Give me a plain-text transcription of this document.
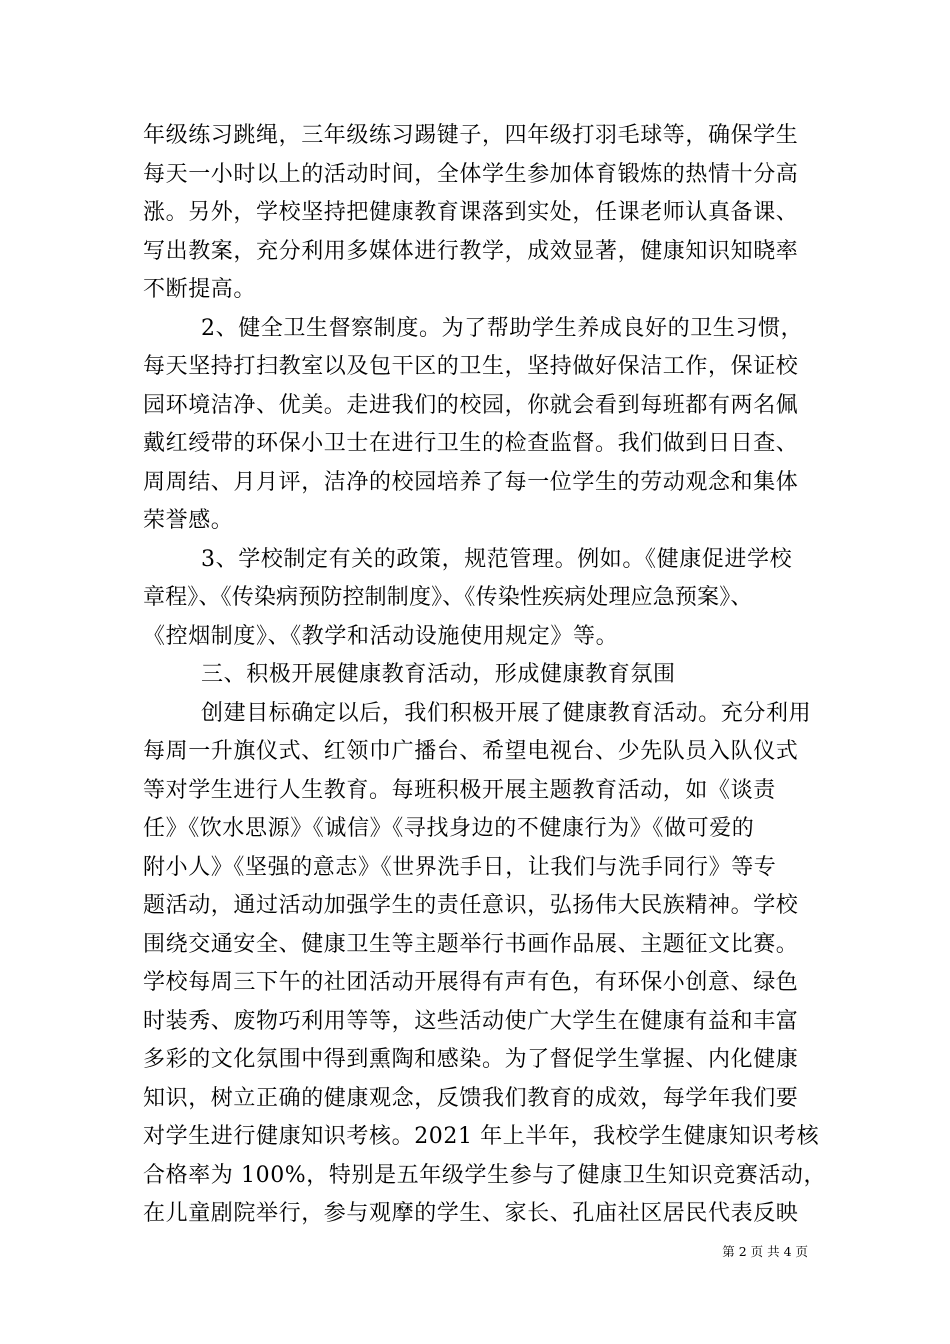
年级练习跳绳，三年级练习踢键子，四年级打羽毛球等，确保学生
每天一小时以上的活动时间，全体学生参加体育锻炼的热情十分高
涨。另外，学校坚持把健康教育课落到实处，任课老师认真备课、
写出教案，充分利用多媒体进行教学，成效显著，健康知识知晓率
不断提高。
2、健全卫生督察制度。为了帮助学生养成良好的卫生习惯，
每天坚持打扫教室以及包干区的卫生，坚持做好保洁工作，保证校
园环境洁净、优美。走进我们的校园，你就会看到每班都有两名佩
戴红绶带的环保小卫士在进行卫生的检查监督。我们做到日日查、
周周结、月月评，洁净的校园培养了每一位学生的劳动观念和集体
荣誉感。
3、学校制定有关的政策，规范管理。例如。《健康促进学校
章程》、《传染病预防控制制度》、《传染性疾病处理应急预案》、
《控烟制度》、《教学和活动设施使用规定》等。
三、积极开展健康教育活动，形成健康教育氛围
创建目标确定以后，我们积极开展了健康教育活动。充分利用
每周一升旗仪式、红领巾广播台、希望电视台、少先队员入队仪式
等对学生进行人生教育。每班积极开展主题教育活动，如《谈责
任》《饮水思源》《诚信》《寻找身边的不健康行为》《做可爱的
附小人》《坚强的意志》《世界洗手日，让我们与洗手同行》等专
题活动，通过活动加强学生的责任意识，弘扬伟大民族精神。学校
围绕交通安全、健康卫生等主题举行书画作品展、主题征文比赛。
学校每周三下午的社团活动开展得有声有色，有环保小创意、绿色
时装秀、废物巧利用等等，这些活动使广大学生在健康有益和丰富
多彩的文化氛围中得到熏陶和感染。为了督促学生掌握、内化健康
知识，树立正确的健康观念，反馈我们教育的成效，每学年我们要
对学生进行健康知识考核。2021 年上半年，我校学生健康知识考核
合格率为 100%，特别是五年级学生参与了健康卫生知识竞赛活动，
在儿童剧院举行，参与观摩的学生、家长、孔庙社区居民代表反映
第 2 页 共 4 页
